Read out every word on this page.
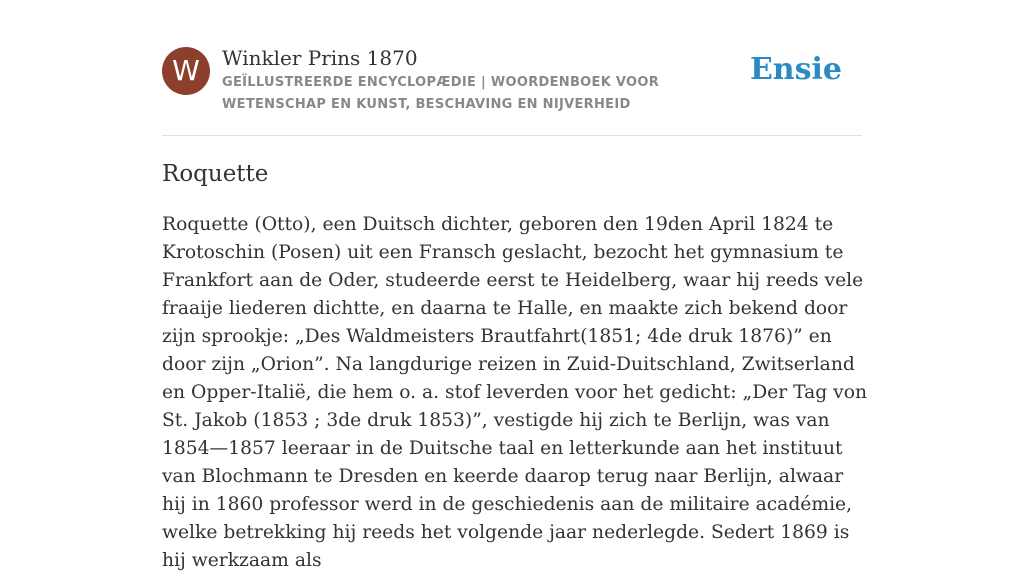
W	Winkler Prins 1870
GEÏLLUSTREERDE ENCYCLOPÆDIE | WOORDENBOEK VOOR WETENSCHAP EN KUNST, BESCHAVING EN NIJVERHEID
Ensie
Roquette

Roquette (Otto), een Duitsch dichter, geboren den 19den April 1824 te Krotoschin (Posen) uit een Fransch geslacht, bezocht het gymnasium te Frankfort aan de Oder, studeerde eerst te Heidelberg, waar hij reeds vele fraaije liederen dichtte, en daarna te Halle, en maakte zich bekend door zijn sprookje: „Des Waldmeisters Brautfahrt(1851; 4de druk 1876)” en door zijn „Orion”. Na langdurige reizen in Zuid-Duitschland, Zwitserland en Opper-Italië, die hem o. a. stof leverden voor het gedicht: „Der Tag von St. Jakob (1853 ; 3de druk 1853)”, vestigde hij zich te Berlijn, was van 1854—1857 leeraar in de Duitsche taal en letterkunde aan het instituut van Blochmann te Dresden en keerde daarop terug naar Berlijn, alwaar hij in 1860 professor werd in de geschiedenis aan de militaire académie, welke betrekking hij reeds het volgende jaar nederlegde. Sedert 1869 is hij werkzaam als
